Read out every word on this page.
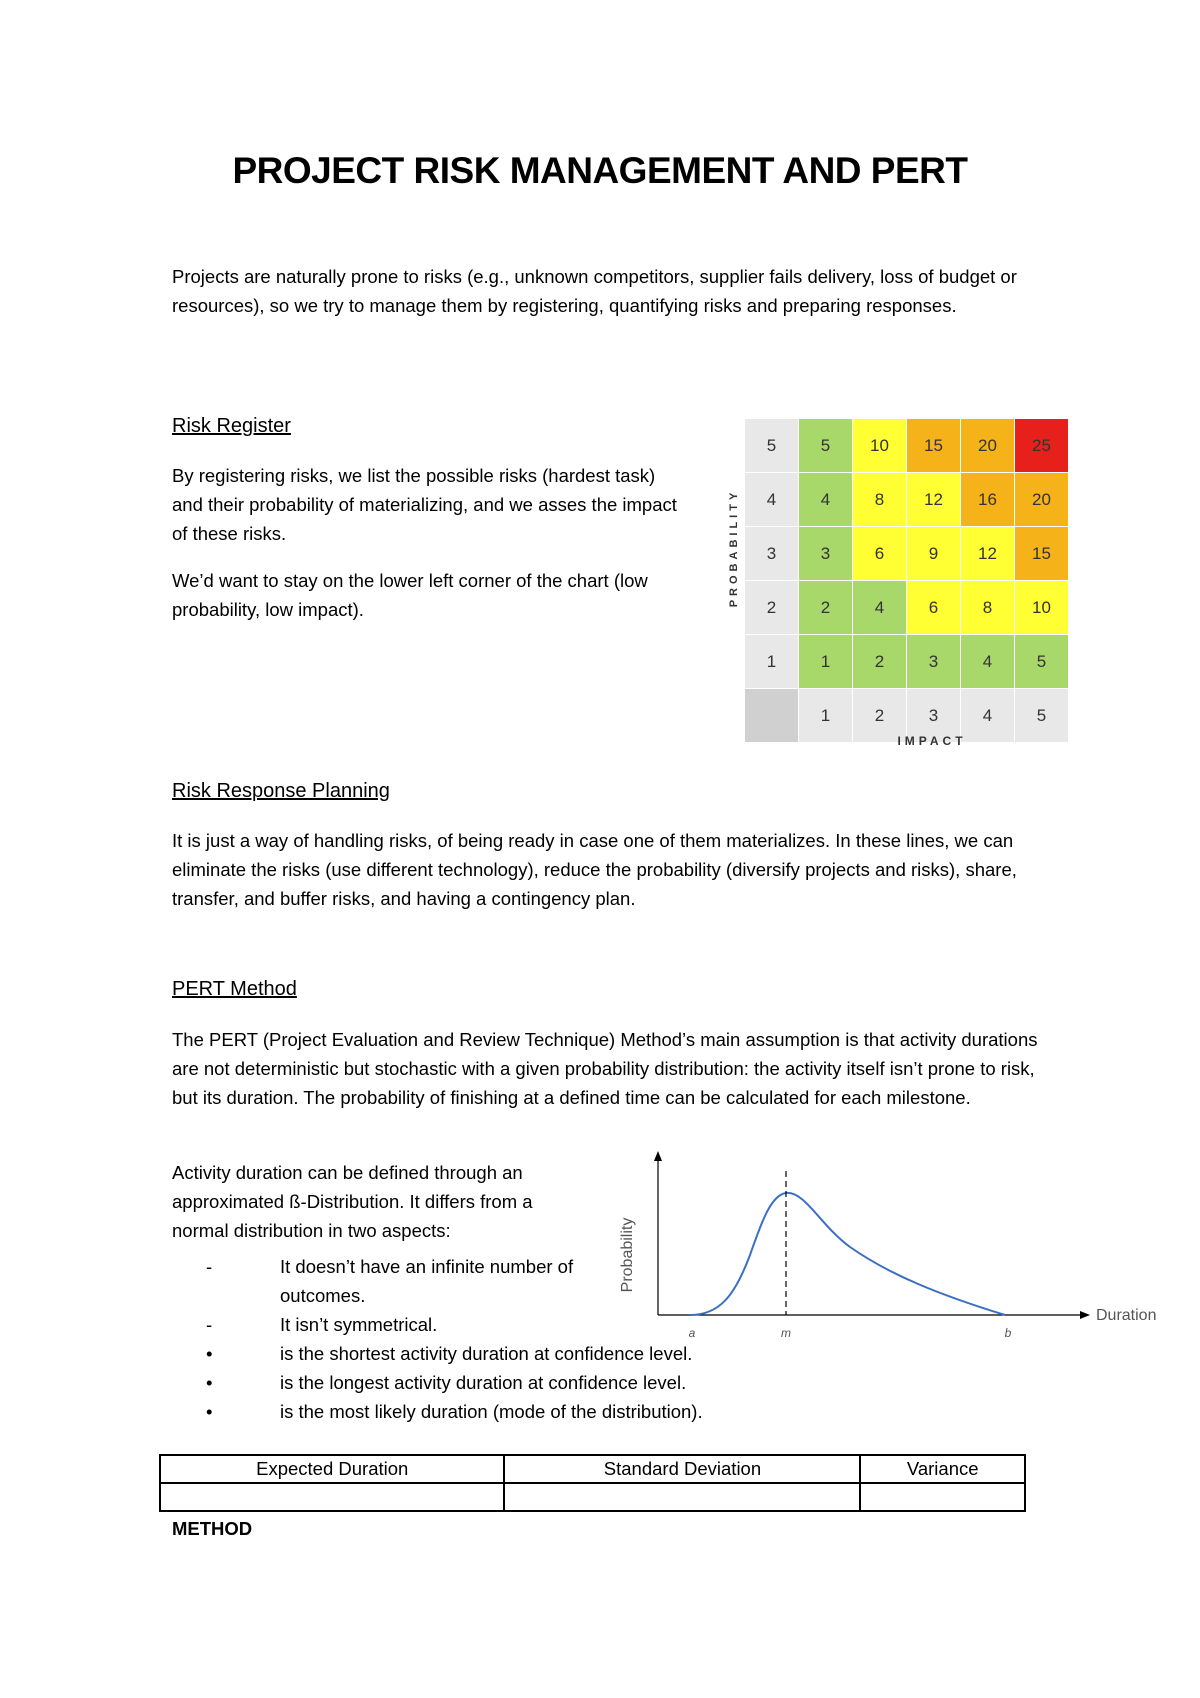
PROJECT RISK MANAGEMENT AND PERT

Projects are naturally prone to risks (e.g., unknown competitors, supplier fails delivery, loss of budget or resources), so we try to manage them by registering, quantifying risks and preparing responses.

Risk Register

By registering risks, we list the possible risks (hardest task) and their probability of materializing, and we asses the impact of these risks.

We’d want to stay on the lower left corner of the chart (low probability, low impact).

PROBABILITY
5	5	10	15	20	25
4	4	8	12	16	20
3	3	6	9	12	15
2	2	4	6	8	10
1	1	2	3	4	5
	1	2	3	4	5
IMPACT
Risk Response Planning

It is just a way of handling risks, of being ready in case one of them materializes. In these lines, we can eliminate the risks (use different technology), reduce the probability (diversify projects and risks), share, transfer, and buffer risks, and having a contingency plan.

PERT Method

The PERT (Project Evaluation and Review Technique) Method’s main assumption is that activity durations are not deterministic but stochastic with a given probability distribution: the activity itself isn’t prone to risk, but its duration. The probability of finishing at a defined time can be calculated for each milestone.

Activity duration can be defined through an approximated ß-Distribution. It differs from a normal distribution in two aspects:	Probability
Duration
a	m	b
-	It doesn’t have an infinite number of outcomes.
-	It isn’t symmetrical.
•	is the shortest activity duration at confidence level.
•	is the longest activity duration at confidence level.
•	is the most likely duration (mode of the distribution).
Expected Duration	Standard Deviation	Variance

METHOD
